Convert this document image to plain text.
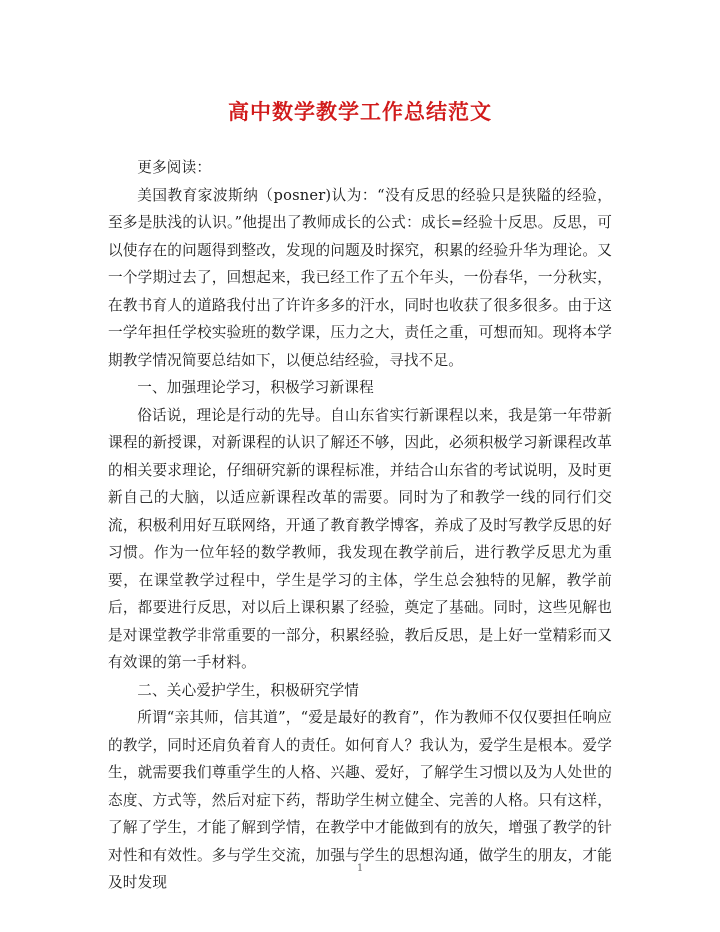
高中数学教学工作总结范文

更多阅读：

美国教育家波斯纳（posner)认为：“没有反思的经验只是狭隘的经验，至多是肤浅的认识。”他提出了教师成长的公式：成长=经验十反思。反思，可以使存在的问题得到整改，发现的问题及时探究，积累的经验升华为理论。又一个学期过去了，回想起来，我已经工作了五个年头，一份春华，一分秋实，在教书育人的道路我付出了许许多多的汗水，同时也收获了很多很多。由于这一学年担任学校实验班的数学课，压力之大，责任之重，可想而知。现将本学期教学情况简要总结如下，以便总结经验，寻找不足。

一、加强理论学习，积极学习新课程

俗话说，理论是行动的先导。自山东省实行新课程以来，我是第一年带新课程的新授课，对新课程的认识了解还不够，因此，必须积极学习新课程改革的相关要求理论，仔细研究新的课程标准，并结合山东省的考试说明，及时更新自己的大脑，以适应新课程改革的需要。同时为了和教学一线的同行们交流，积极利用好互联网络，开通了教育教学博客，养成了及时写教学反思的好习惯。作为一位年轻的数学教师，我发现在教学前后，进行教学反思尤为重要，在课堂教学过程中，学生是学习的主体，学生总会独特的见解，教学前后，都要进行反思，对以后上课积累了经验，奠定了基础。同时，这些见解也是对课堂教学非常重要的一部分，积累经验，教后反思，是上好一堂精彩而又有效课的第一手材料。

二、关心爱护学生，积极研究学情

所谓“亲其师，信其道”，“爱是最好的教育”，作为教师不仅仅要担任响应的教学，同时还肩负着育人的责任。如何育人？我认为，爱学生是根本。爱学生，就需要我们尊重学生的人格、兴趣、爱好，了解学生习惯以及为人处世的态度、方式等，然后对症下药，帮助学生树立健全、完善的人格。只有这样，了解了学生，才能了解到学情，在教学中才能做到有的放矢，增强了教学的针对性和有效性。多与学生交流，加强与学生的思想沟通，做学生的朋友，才能及时发现

1
